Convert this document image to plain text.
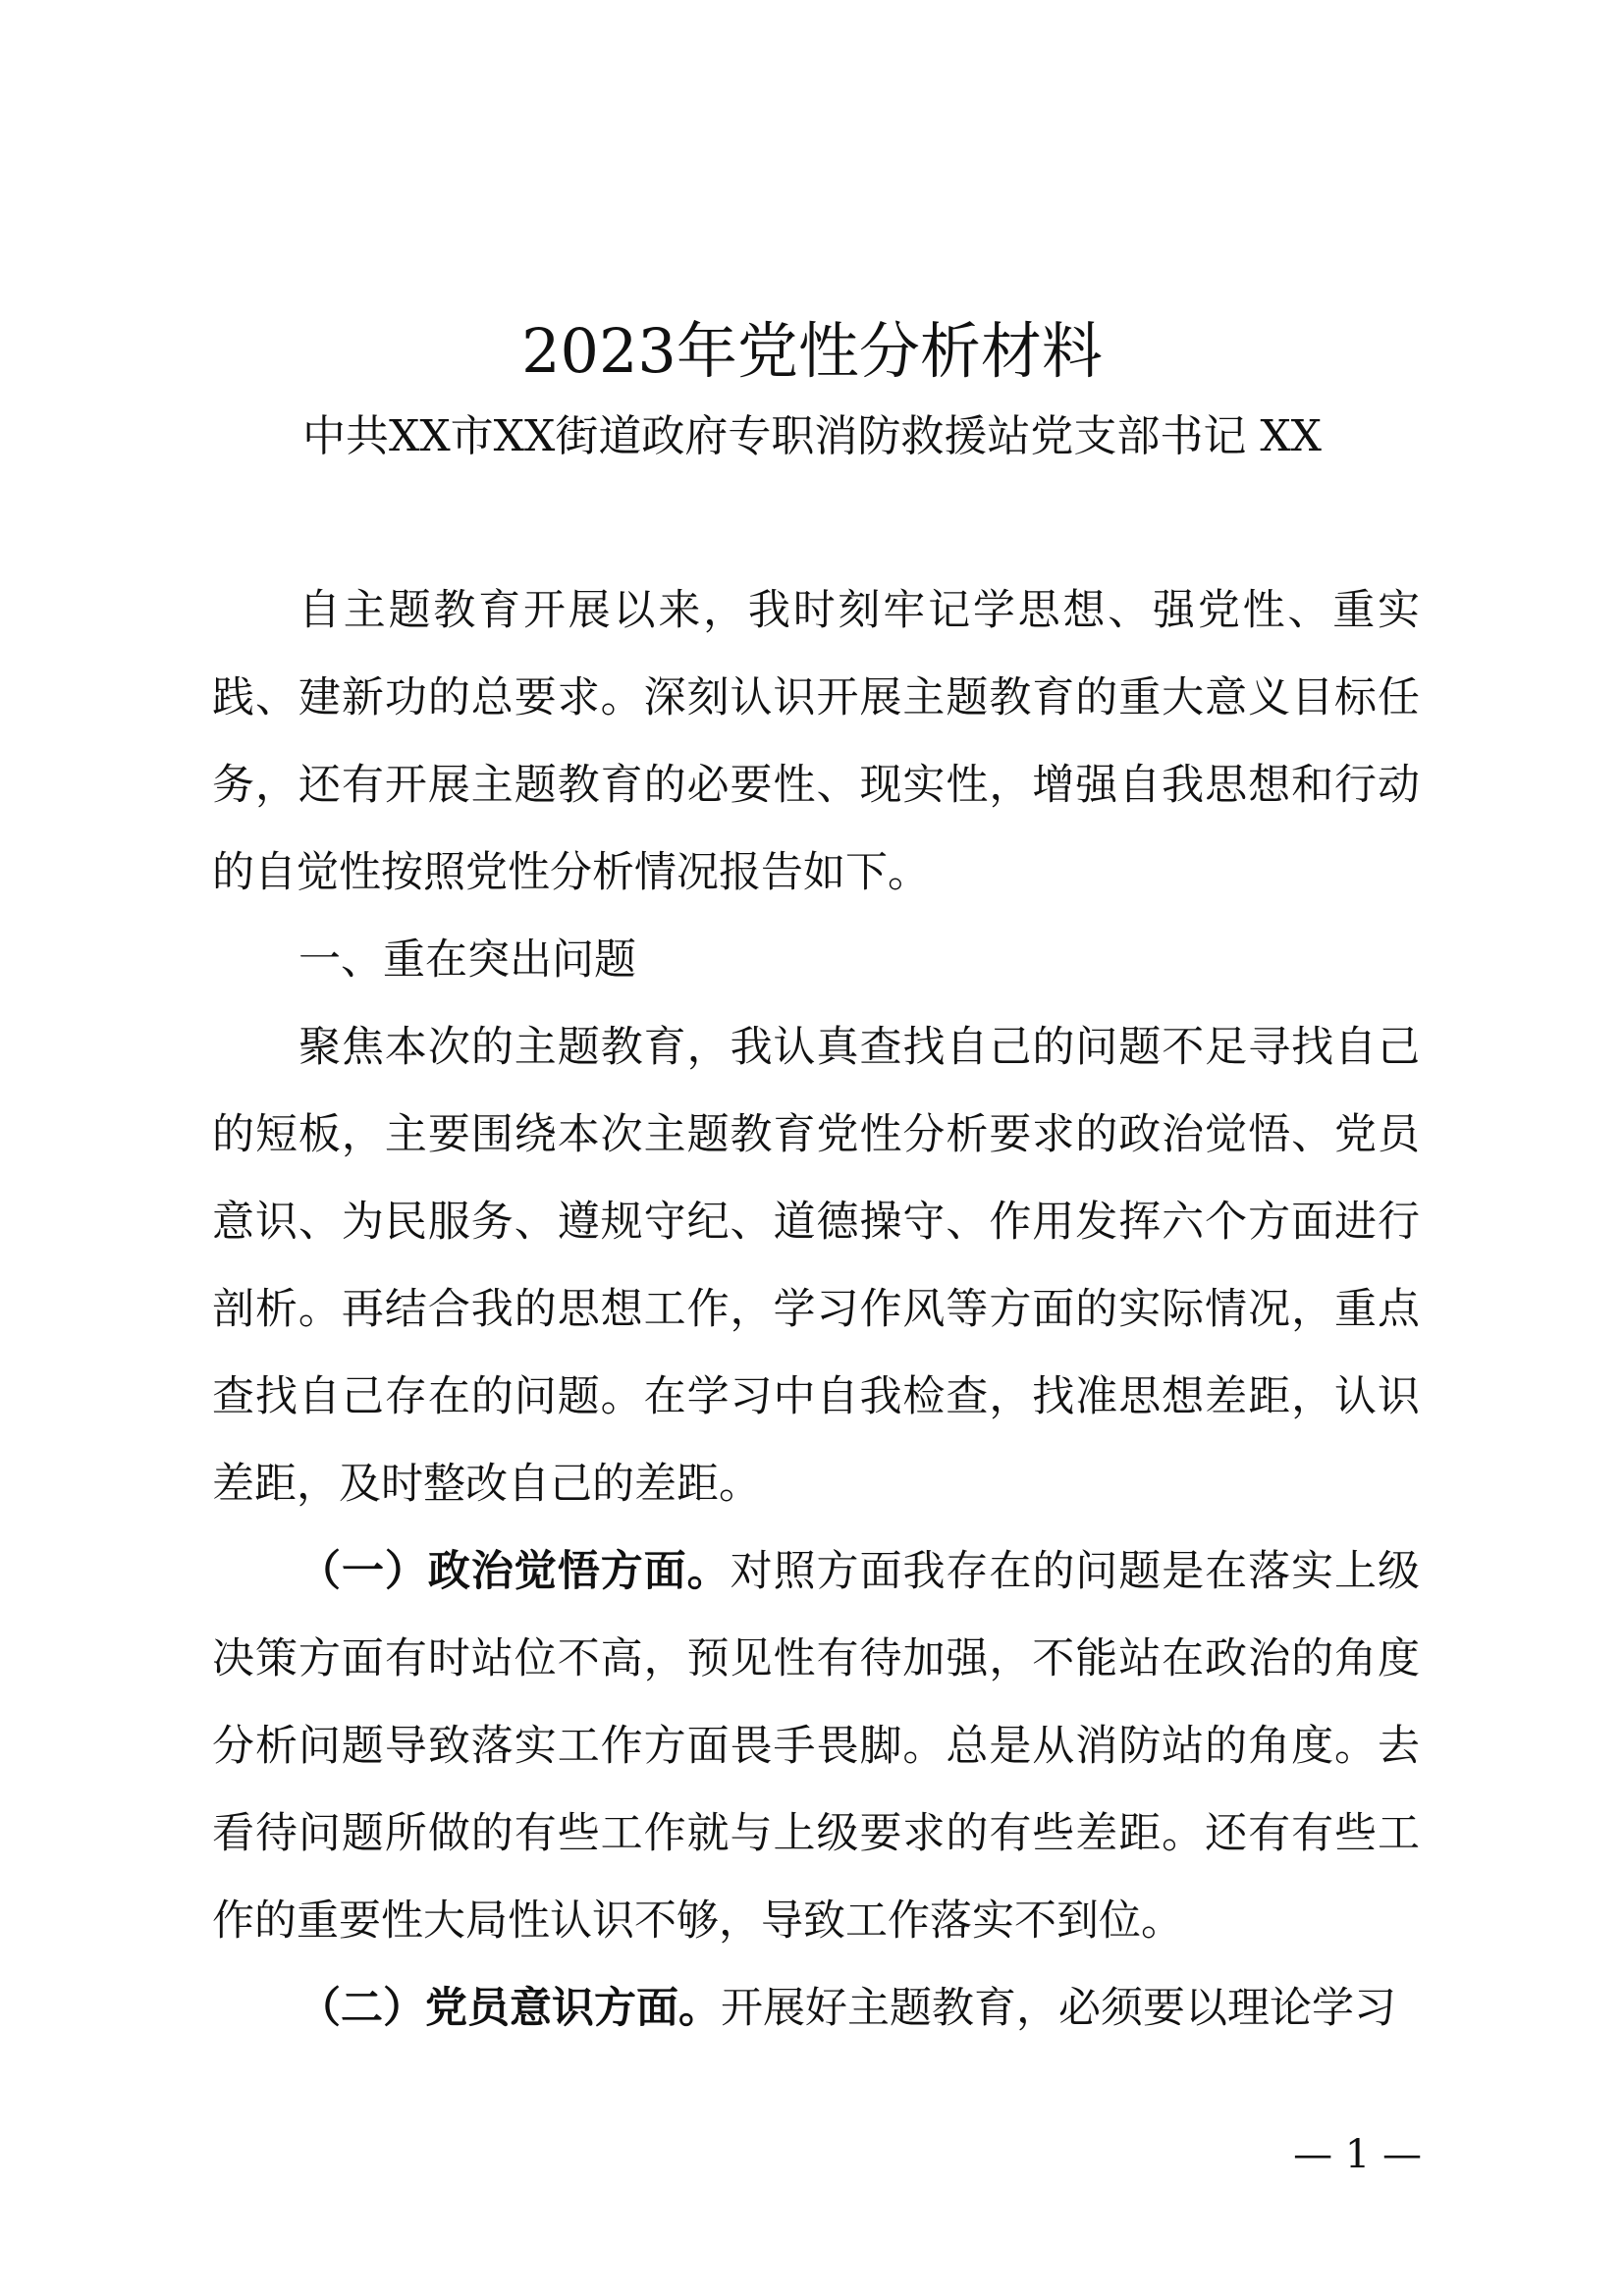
2023年党性分析材料
中共XX市XX街道政府专职消防救援站党支部书记 XX

自主题教育开展以来，我时刻牢记学思想、强党性、重实践、建新功的总要求。深刻认识开展主题教育的重大意义目标任务，还有开展主题教育的必要性、现实性，增强自我思想和行动的自觉性按照党性分析情况报告如下。

一、重在突出问题

聚焦本次的主题教育，我认真查找自己的问题不足寻找自己的短板，主要围绕本次主题教育党性分析要求的政治觉悟、党员意识、为民服务、遵规守纪、道德操守、作用发挥六个方面进行剖析。再结合我的思想工作，学习作风等方面的实际情况，重点查找自己存在的问题。在学习中自我检查，找准思想差距，认识差距，及时整改自己的差距。

（一）政治觉悟方面。对照方面我存在的问题是在落实上级决策方面有时站位不高，预见性有待加强，不能站在政治的角度分析问题导致落实工作方面畏手畏脚。总是从消防站的角度。去看待问题所做的有些工作就与上级要求的有些差距。还有有些工作的重要性大局性认识不够，导致工作落实不到位。

（二）党员意识方面。开展好主题教育，必须要以理论学习

— 1 —
